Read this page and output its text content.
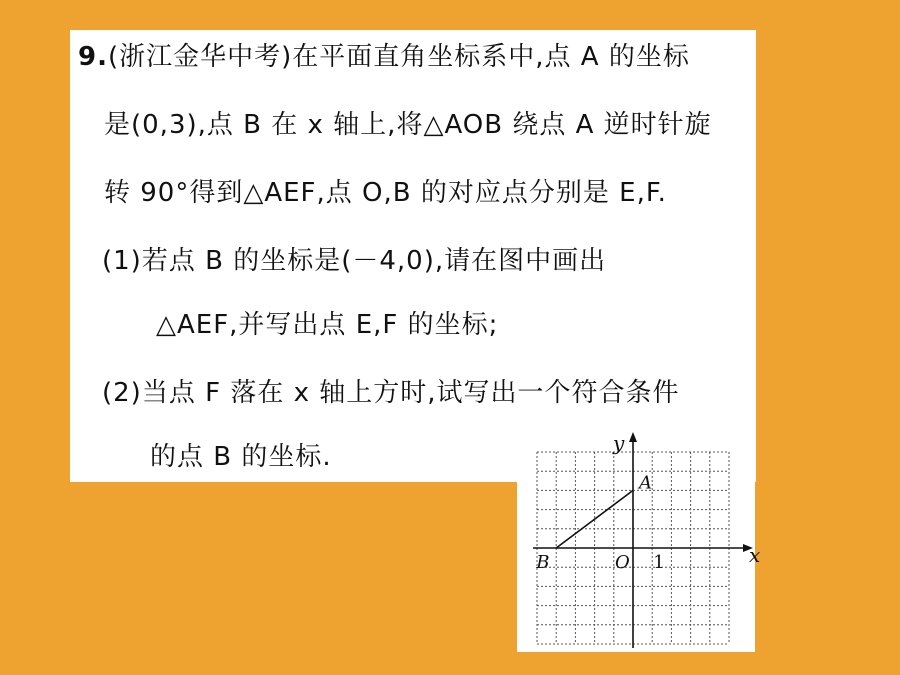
9.(浙江金华中考)在平面直角坐标系中,点 A 的坐标
是(0,3),点 B 在 x 轴上,将△AOB 绕点 A 逆时针旋
转 90°得到△AEF,点 O,B 的对应点分别是 E,F.
(1)若点 B 的坐标是(－4,0),请在图中画出
△AEF,并写出点 E,F 的坐标;
(2)当点 F 落在 x 轴上方时,试写出一个符合条件
的点 B 的坐标.	y
x
A
B	O 1
